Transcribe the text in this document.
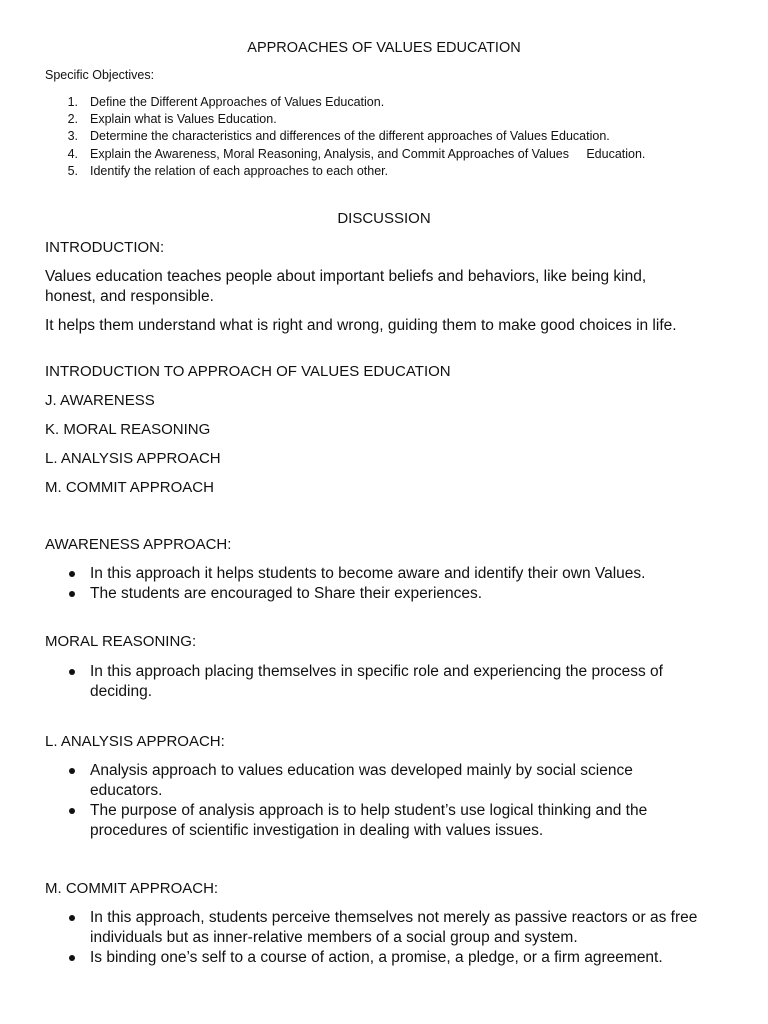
APPROACHES OF VALUES EDUCATION
Specific Objectives:
1. Define the Different Approaches of Values Education.
2. Explain what is Values Education.
3. Determine the characteristics and differences of the different approaches of Values Education.
4. Explain the Awareness, Moral Reasoning, Analysis, and Commit Approaches of Values     Education.
5. Identify the relation of each approaches to each other.
DISCUSSION
INTRODUCTION:
Values education teaches people about important beliefs and behaviors, like being kind,
honest, and responsible.
It helps them understand what is right and wrong, guiding them to make good choices in life.
INTRODUCTION TO APPROACH OF VALUES EDUCATION
J. AWARENESS
K. MORAL REASONING
L. ANALYSIS APPROACH
M. COMMIT APPROACH
AWARENESS APPROACH:
In this approach it helps students to become aware and identify their own Values.
The students are encouraged to Share their experiences.
MORAL REASONING:
In this approach placing themselves in specific role and experiencing the process of
deciding.
L. ANALYSIS APPROACH:
Analysis approach to values education was developed mainly by social science
educators.
The purpose of analysis approach is to help student’s use logical thinking and the
procedures of scientific investigation in dealing with values issues.
M. COMMIT APPROACH:
In this approach, students perceive themselves not merely as passive reactors or as free
individuals but as inner-relative members of a social group and system.
Is binding one’s self to a course of action, a promise, a pledge, or a firm agreement.
